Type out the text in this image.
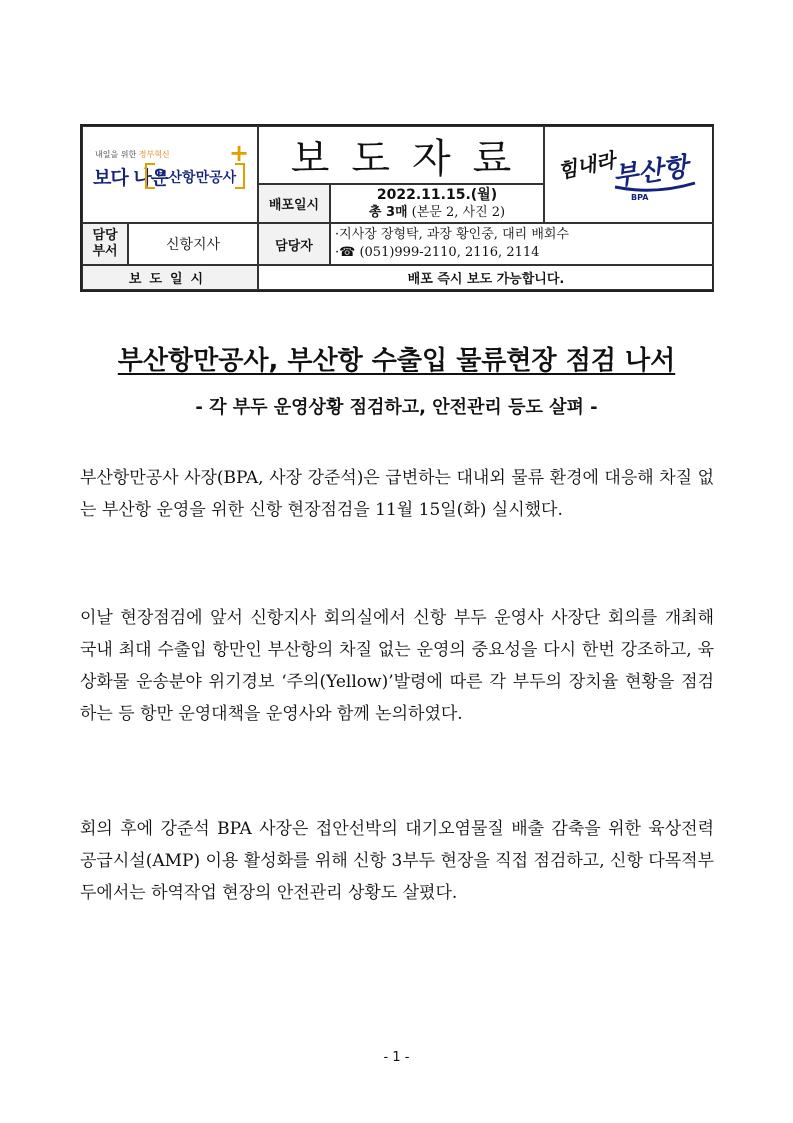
내일을 위한 정부혁신
보다 나은
부산항만공사
+ 보도자료 힘내라
부산항
BPA
배포일시
2022.11.15.(월)
총 3매 (본문 2, 사진 2)
담당
부서	신항지사	담당자
·지사장 장형탁, 과장 황인중, 대리 배회수
·☎ (051)999-2110, 2116, 2114
보도일시	배포 즉시 보도 가능합니다.
부산항만공사, 부산항 수출입 물류현장 점검 나서
- 각 부두 운영상황 점검하고, 안전관리 등도 살펴 -
부산항만공사 사장(BPA, 사장 강준석)은 급변하는 대내외 물류 환경에 대응해 차질 없는 부산항 운영을 위한 신항 현장점검을 11월 15일(화) 실시했다.
이날 현장점검에 앞서 신항지사 회의실에서 신항 부두 운영사 사장단 회의를 개최해 국내 최대 수출입 항만인 부산항의 차질 없는 운영의 중요성을 다시 한번 강조하고, 육상화물 운송분야 위기경보 ‘주의(Yellow)’발령에 따른 각 부두의 장치율 현황을 점검하는 등 항만 운영대책을 운영사와 함께 논의하였다.
회의 후에 강준석 BPA 사장은 접안선박의 대기오염물질 배출 감축을 위한 육상전력 공급시설(AMP) 이용 활성화를 위해 신항 3부두 현장을 직접 점검하고, 신항 다목적부두에서는 하역작업 현장의 안전관리 상황도 살폈다.
- 1 -
